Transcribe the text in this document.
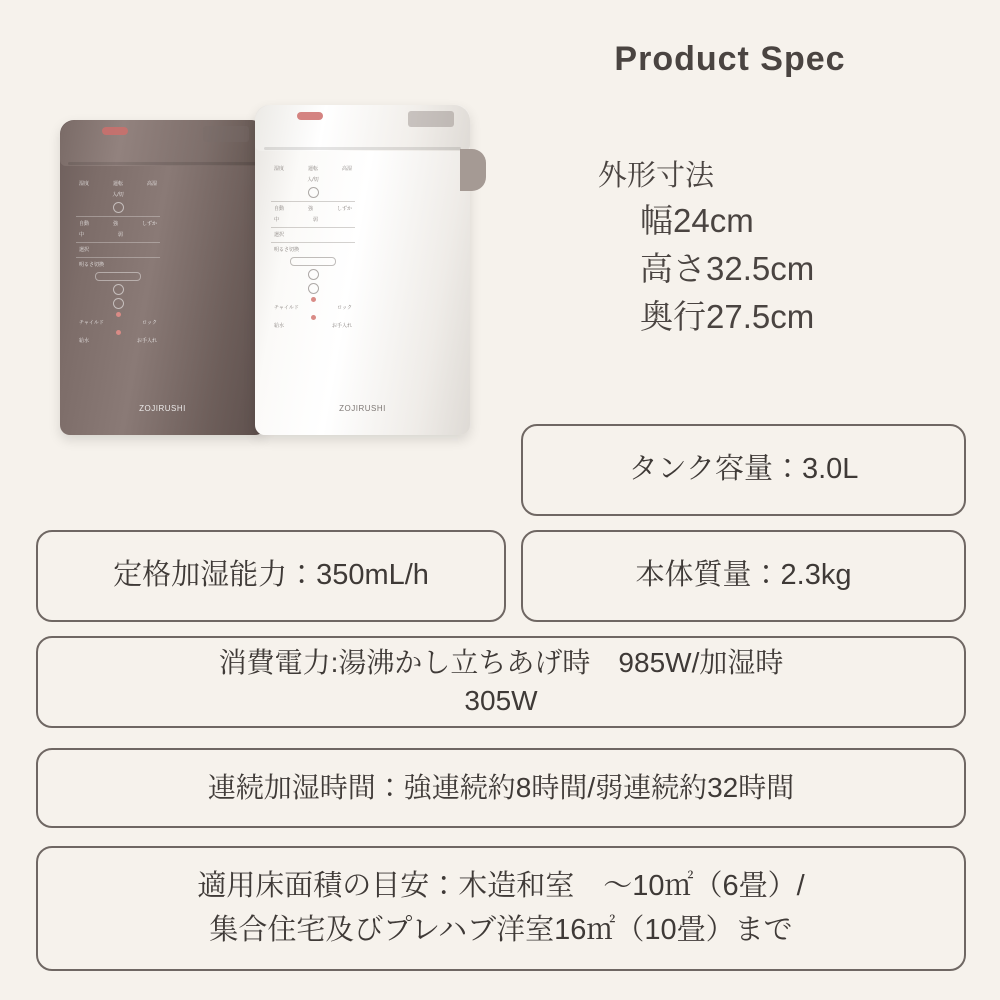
Product Spec
湿度	運転	高湿
入/切
自動	強	しずか
中	弱
選択
明るさ切換
チャイルド	ロック
給水	お手入れ
ZOJIRUSHI
湿度	運転	高湿
入/切
自動	強	しずか
中	弱
選択
明るさ切換
チャイルド	ロック
給水	お手入れ
ZOJIRUSHI
外形寸法
幅24cm
高さ32.5cm
奥行27.5cm
タンク容量：3.0L
定格加湿能力：350mL/h	本体質量：2.3kg
消費電力:湯沸かし立ちあげ時　985W/加湿時
305W
連続加湿時間：強連続約8時間/弱連続約32時間
適用床面積の目安：木造和室　～10㎡（6畳）/
集合住宅及びプレハブ洋室16㎡（10畳）まで
